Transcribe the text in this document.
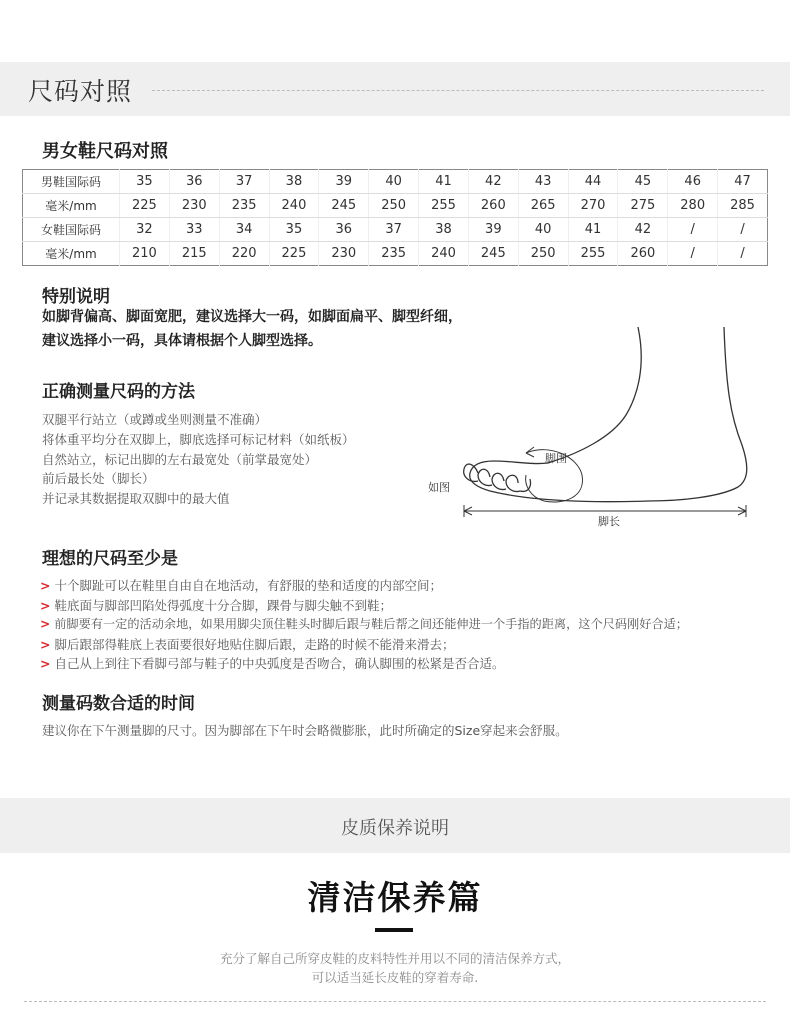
尺码对照
男女鞋尺码对照
男鞋国际码	35	36	37	38	39	40	41	42	43	44	45	46	47
毫米/mm	225	230	235	240	245	250	255	260	265	270	275	280	285
女鞋国际码	32	33	34	35	36	37	38	39	40	41	42	/	/
毫米/mm	210	215	220	225	230	235	240	245	250	255	260	/	/
特别说明
如脚背偏高、脚面宽肥，建议选择大一码，如脚面扁平、脚型纤细，
建议选择小一码，具体请根据个人脚型选择。
正确测量尺码的方法
双腿平行站立（或蹲或坐则测量不准确）
将体重平均分在双脚上，脚底选择可标记材料（如纸板）
自然站立，标记出脚的左右最宽处（前掌最宽处）
前后最长处（脚长）
并记录其数据提取双脚中的最大值
脚围
如图
脚长
理想的尺码至少是
> 十个脚趾可以在鞋里自由自在地活动，有舒服的垫和适度的内部空间；
> 鞋底面与脚部凹陷处得弧度十分合脚，踝骨与脚尖触不到鞋；
> 前脚要有一定的活动余地，如果用脚尖顶住鞋头时脚后跟与鞋后帮之间还能伸进一个手指的距离，这个尺码刚好合适；
> 脚后跟部得鞋底上表面要很好地贴住脚后跟，走路的时候不能滑来滑去；
> 自己从上到往下看脚弓部与鞋子的中央弧度是否吻合，确认脚围的松紧是否合适。
测量码数合适的时间
建议你在下午测量脚的尺寸。因为脚部在下午时会略微膨胀，此时所确定的Size穿起来会舒服。
皮质保养说明
清洁保养篇
充分了解自己所穿皮鞋的皮料特性并用以不同的清洁保养方式，
可以适当延长皮鞋的穿着寿命.
